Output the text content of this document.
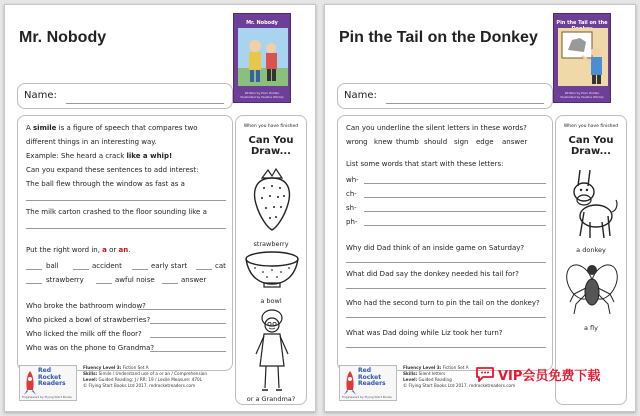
Mr. Nobody
Mr. Nobody
Written by Pam Holden
Illustrated by Pauline Whimp
Name:
A simile is a figure of speech that compares two
different things in an interesting way.
Example: She heard a crack like a whip!
Can you expand these sentences to add interest:
The ball flew through the window as fast as a
The milk carton crashed to the floor sounding like a
Put the right word in, a or an.
ball	accident	early start	cat
strawberry	awful noise	answer
Who broke the bathroom window?
Who picked a bowl of strawberries?
Who licked the milk off the floor?
Who was on the phone to Grandma?
When you have finished
Can You
Draw...
strawberry
a bowl
or a Grandma?
Red
Rocket
Readers
Engineered by Flying Start Books
Fluency Level 3: Fiction Set A
Skills: Simile / Understand use of a or an / Comprehension
Level: Guided Reading: J / RR: 19 / Lexile Measure: 470L
© Flying Start Books Ltd 2017. redrocketreaders.com
Pin the Tail on the Donkey
Pin the Tail on the
Written by Pam Holden
Illustrated by Pauline Whimp
Name:
Can you underline the silent letters in these words?
wrong knew thumb should sign edge answer
List some words that start with these letters:
wh-
ch-
sh-
ph-
Why did Dad think of an inside game on Saturday?
What did Dad say the donkey needed his tail for?
Who had the second turn to pin the tail on the donkey?
What was Dad doing while Liz took her turn?
When you have finished
Can You
Draw...
a donkey
a fly
Red
Rocket
Readers
Engineered by Flying Start Books
Fluency Level 3: Fiction Set A
Skills: Silent letters
Level: Guided Reading
© Flying Start Books Ltd 2017. redrocketreaders.com
VIP会员免费下载
